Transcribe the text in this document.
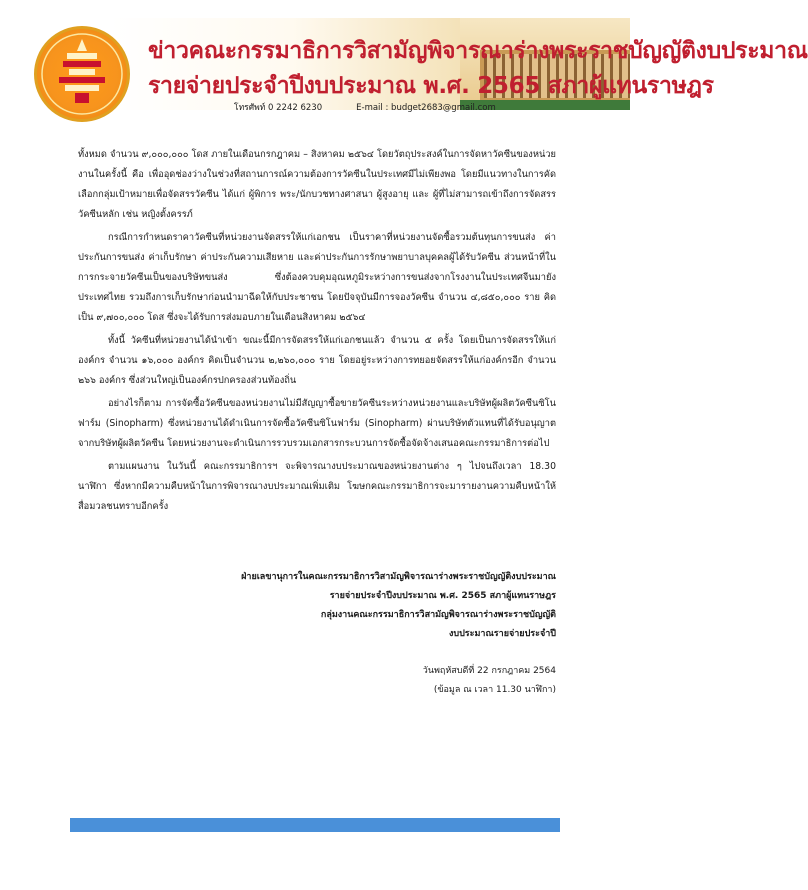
ข่าวคณะกรรมาธิการวิสามัญพิจารณาร่างพระราชบัญญัติงบประมาณ
รายจ่ายประจำปีงบประมาณ พ.ศ. 2565 สภาผู้แทนราษฎร
โทรศัพท์ 0 2242 6230	E-mail : budget2683@gmail.com

ทั้งหมด จำนวน ๙,๐๐๐,๐๐๐ โดส ภายในเดือนกรกฎาคม – สิงหาคม ๒๕๖๔ โดยวัตถุประสงค์ในการจัดหาวัคซีนของหน่วยงานในครั้งนี้ คือ เพื่ออุดช่องว่างในช่วงที่สถานการณ์ความต้องการวัคซีนในประเทศมีไม่เพียงพอ โดยมีแนวทางในการคัดเลือกกลุ่มเป้าหมายเพื่อจัดสรรวัคซีน ได้แก่ ผู้พิการ พระ/นักบวชทางศาสนา ผู้สูงอายุ และ ผู้ที่ไม่สามารถเข้าถึงการจัดสรรวัคซีนหลัก เช่น หญิงตั้งครรภ์

กรณีการกำหนดราคาวัคซีนที่หน่วยงานจัดสรรให้แก่เอกชน เป็นราคาที่หน่วยงานจัดซื้อรวมต้นทุนการขนส่ง ค่าประกันการขนส่ง ค่าเก็บรักษา ค่าประกันความเสียหาย และค่าประกันการรักษาพยาบาลบุคคลผู้ได้รับวัคซีน ส่วนหน้าที่ในการกระจายวัคซีนเป็นของบริษัทขนส่ง ซึ่งต้องควบคุมอุณหภูมิระหว่างการขนส่งจากโรงงานในประเทศจีนมายังประเทศไทย รวมถึงการเก็บรักษาก่อนนำมาฉีดให้กับประชาชน โดยปัจจุบันมีการจองวัคซีน จำนวน ๔,๘๕๐,๐๐๐ ราย คิดเป็น ๙,๗๐๐,๐๐๐ โดส ซึ่งจะได้รับการส่งมอบภายในเดือนสิงหาคม ๒๕๖๔

ทั้งนี้ วัคซีนที่หน่วยงานได้นำเข้า ขณะนี้มีการจัดสรรให้แก่เอกชนแล้ว จำนวน ๕ ครั้ง โดยเป็นการจัดสรรให้แก่ องค์กร จำนวน ๑๖,๐๐๐ องค์กร คิดเป็นจำนวน ๒,๒๖๐,๐๐๐ ราย โดยอยู่ระหว่างการทยอยจัดสรรให้แก่องค์กรอีก จำนวน ๒๖๖ องค์กร ซึ่งส่วนใหญ่เป็นองค์กรปกครองส่วนท้องถิ่น

อย่างไรก็ตาม การจัดซื้อวัคซีนของหน่วยงานไม่มีสัญญาซื้อขายวัคซีนระหว่างหน่วยงานและบริษัทผู้ผลิตวัคซีนซิโนฟาร์ม (Sinopharm) ซึ่งหน่วยงานได้ดำเนินการจัดซื้อวัคซีนซิโนฟาร์ม (Sinopharm) ผ่านบริษัทตัวแทนที่ได้รับอนุญาตจากบริษัทผู้ผลิตวัคซีน โดยหน่วยงานจะดำเนินการรวบรวมเอกสารกระบวนการจัดซื้อจัดจ้างเสนอคณะกรรมาธิการต่อไป

ตามแผนงาน ในวันนี้ คณะกรรมาธิการฯ จะพิจารณางบประมาณของหน่วยงานต่าง ๆ ไปจนถึงเวลา 18.30 นาฬิกา ซึ่งหากมีความคืบหน้าในการพิจารณางบประมาณเพิ่มเติม โฆษกคณะกรรมาธิการจะมารายงานความคืบหน้าให้สื่อมวลชนทราบอีกครั้ง

ฝ่ายเลขานุการในคณะกรรมาธิการวิสามัญพิจารณาร่างพระราชบัญญัติงบประมาณ
รายจ่ายประจำปีงบประมาณ พ.ศ. 2565 สภาผู้แทนราษฎร
กลุ่มงานคณะกรรมาธิการวิสามัญพิจารณาร่างพระราชบัญญัติ
งบประมาณรายจ่ายประจำปี
วันพฤหัสบดีที่ 22 กรกฎาคม 2564
(ข้อมูล ณ เวลา 11.30 นาฬิกา)
